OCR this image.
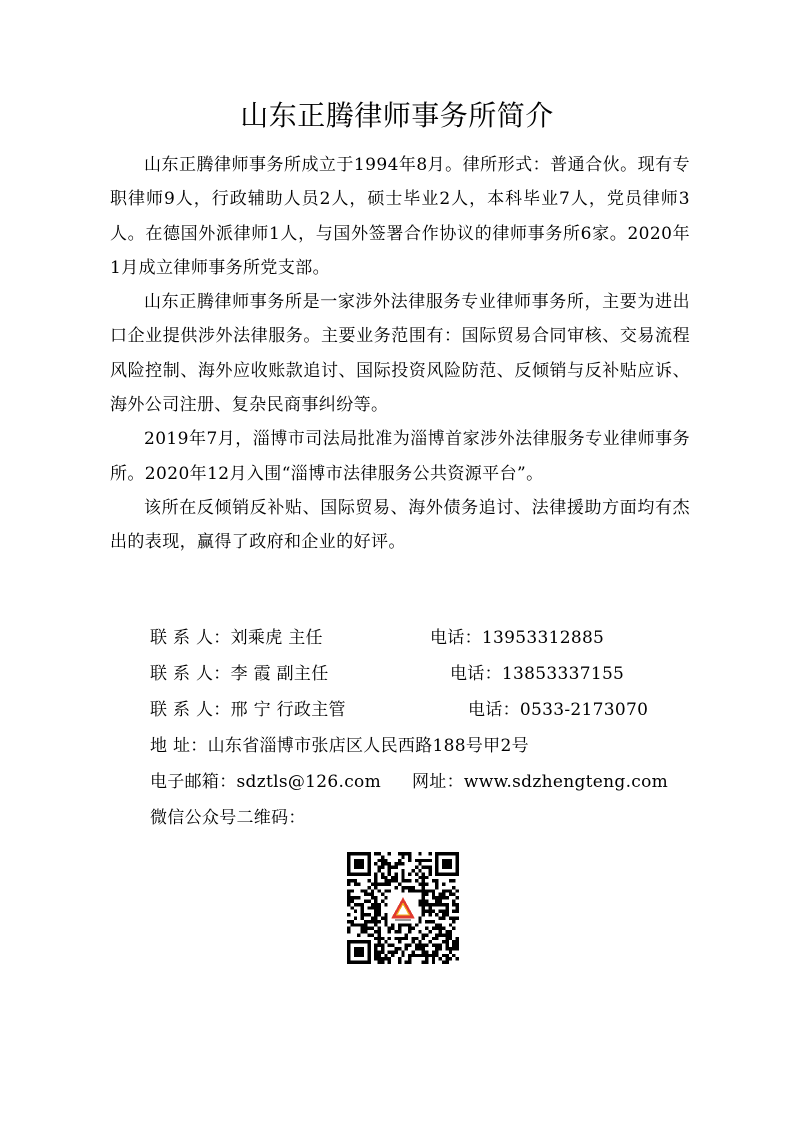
山东正腾律师事务所简介

山东正腾律师事务所成立于1994年8月。律所形式：普通合伙。现有专职律师9人，行政辅助人员2人，硕士毕业2人，本科毕业7人，党员律师3人。在德国外派律师1人，与国外签署合作协议的律师事务所6家。2020年1月成立律师事务所党支部。

山东正腾律师事务所是一家涉外法律服务专业律师事务所，主要为进出口企业提供涉外法律服务。主要业务范围有：国际贸易合同审核、交易流程风险控制、海外应收账款追讨、国际投资风险防范、反倾销与反补贴应诉、海外公司注册、复杂民商事纠纷等。

2019年7月，淄博市司法局批准为淄博首家涉外法律服务专业律师事务所。2020年12月入围“淄博市法律服务公共资源平台”。

该所在反倾销反补贴、国际贸易、海外债务追讨、法律援助方面均有杰出的表现，赢得了政府和企业的好评。

联 系 人：刘乘虎 主任	电话：13953312885
联 系 人：李 霞 副主任	电话：13853337155
联 系 人：邢 宁 行政主管	电话：0533-2173070
地 址：山东省淄博市张店区人民西路188号甲2号
电子邮箱：sdztls@126.com 网址：www.sdzhengteng.com
微信公众号二维码：
